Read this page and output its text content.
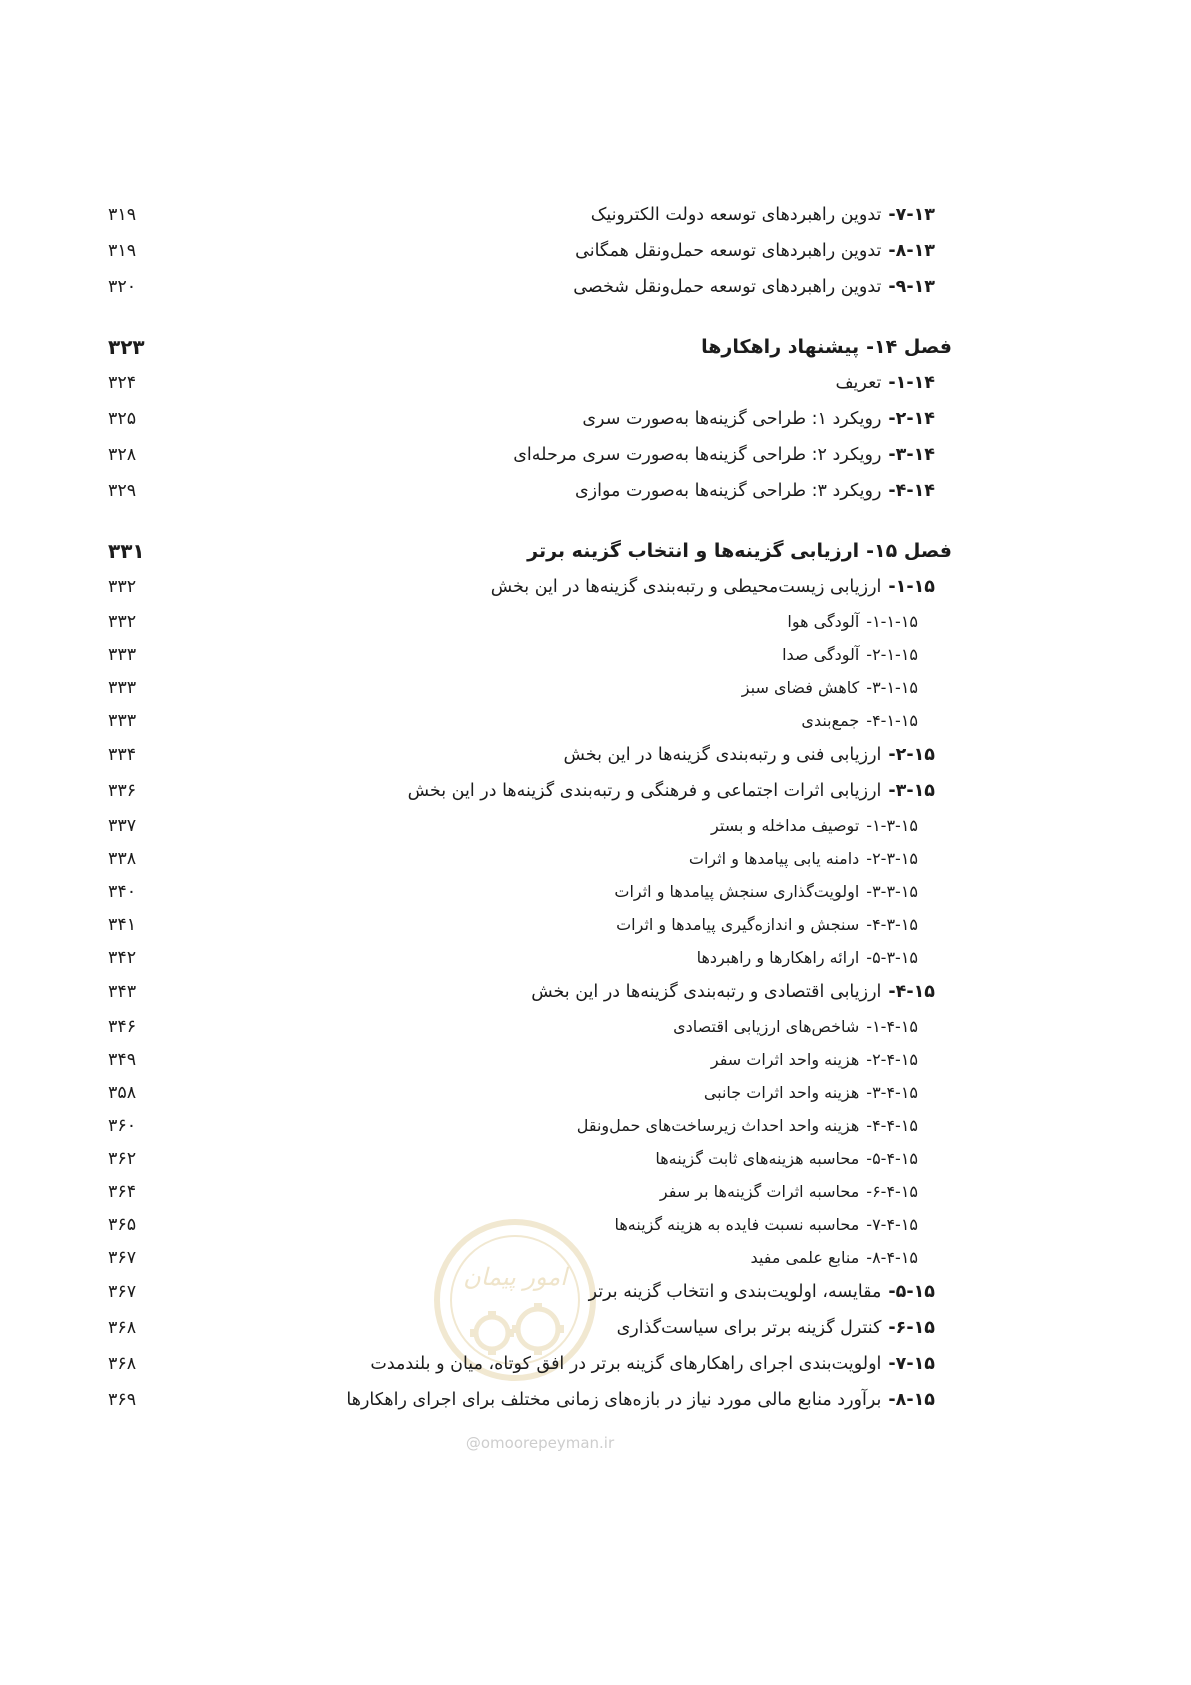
امور پیمان
@omoorepeyman.ir
۱۳‏-‏۷‏-‏
تدوین راهبردهای توسعه دولت الکترونیک
۳۱۹
۱۳‏-‏۸‏-‏
تدوین راهبردهای توسعه حمل‌ونقل همگانی
۳۱۹
۱۳‏-‏۹‏-‏
تدوین راهبردهای توسعه حمل‌ونقل شخصی
۳۲۰
فصل ۱۴‏-‏
پیشنهاد راهکارها
۳۲۳
۱۴‏-‏۱‏-‏
تعریف
۳۲۴
۱۴‏-‏۲‏-‏
رویکرد ۱: طراحی گزینه‌ها به‌صورت سری
۳۲۵
۱۴‏-‏۳‏-‏
رویکرد ۲: طراحی گزینه‌ها به‌صورت سری مرحله‌ای
۳۲۸
۱۴‏-‏۴‏-‏
رویکرد ۳: طراحی گزینه‌ها به‌صورت موازی
۳۲۹
فصل ۱۵‏-‏
ارزیابی گزینه‌ها و انتخاب گزینه برتر
۳۳۱
۱۵‏-‏۱‏-‏
ارزیابی زیست‌محیطی و رتبه‌بندی گزینه‌ها در این بخش
۳۳۲
۱۵‏-‏۱‏-‏۱‏-‏
آلودگی هوا
۳۳۲
۱۵‏-‏۱‏-‏۲‏-‏
آلودگی صدا
۳۳۳
۱۵‏-‏۱‏-‏۳‏-‏
کاهش فضای سبز
۳۳۳
۱۵‏-‏۱‏-‏۴‏-‏
جمع‌بندی
۳۳۳
۱۵‏-‏۲‏-‏
ارزیابی فنی و رتبه‌بندی گزینه‌ها در این بخش
۳۳۴
۱۵‏-‏۳‏-‏
ارزیابی اثرات اجتماعی و فرهنگی و رتبه‌بندی گزینه‌ها در این بخش
۳۳۶
۱۵‏-‏۳‏-‏۱‏-‏
توصیف مداخله و بستر
۳۳۷
۱۵‏-‏۳‏-‏۲‏-‏
دامنه یابی پیامدها و اثرات
۳۳۸
۱۵‏-‏۳‏-‏۳‏-‏
اولویت‌گذاری سنجش پیامدها و اثرات
۳۴۰
۱۵‏-‏۳‏-‏۴‏-‏
سنجش و اندازه‌گیری پیامدها و اثرات
۳۴۱
۱۵‏-‏۳‏-‏۵‏-‏
ارائه راهکارها و راهبردها
۳۴۲
۱۵‏-‏۴‏-‏
ارزیابی اقتصادی و رتبه‌بندی گزینه‌ها در این بخش
۳۴۳
۱۵‏-‏۴‏-‏۱‏-‏
شاخص‌های ارزیابی اقتصادی
۳۴۶
۱۵‏-‏۴‏-‏۲‏-‏
هزینه واحد اثرات سفر
۳۴۹
۱۵‏-‏۴‏-‏۳‏-‏
هزینه واحد اثرات جانبی
۳۵۸
۱۵‏-‏۴‏-‏۴‏-‏
هزینه واحد احداث زیرساخت‌های حمل‌ونقل
۳۶۰
۱۵‏-‏۴‏-‏۵‏-‏
محاسبه هزینه‌های ثابت گزینه‌ها
۳۶۲
۱۵‏-‏۴‏-‏۶‏-‏
محاسبه اثرات گزینه‌ها بر سفر
۳۶۴
۱۵‏-‏۴‏-‏۷‏-‏
محاسبه نسبت فایده به هزینه گزینه‌ها
۳۶۵
۱۵‏-‏۴‏-‏۸‏-‏
منابع علمی مفید
۳۶۷
۱۵‏-‏۵‏-‏
مقایسه، اولویت‌بندی و انتخاب گزینه برتر
۳۶۷
۱۵‏-‏۶‏-‏
کنترل گزینه برتر برای سیاست‌گذاری
۳۶۸
۱۵‏-‏۷‏-‏
اولویت‌بندی اجرای راهکارهای گزینه برتر در افق کوتاه، میان و بلندمدت
۳۶۸
۱۵‏-‏۸‏-‏
برآورد منابع مالی مورد نیاز در بازه‌های زمانی مختلف برای اجرای راهکارها
۳۶۹
